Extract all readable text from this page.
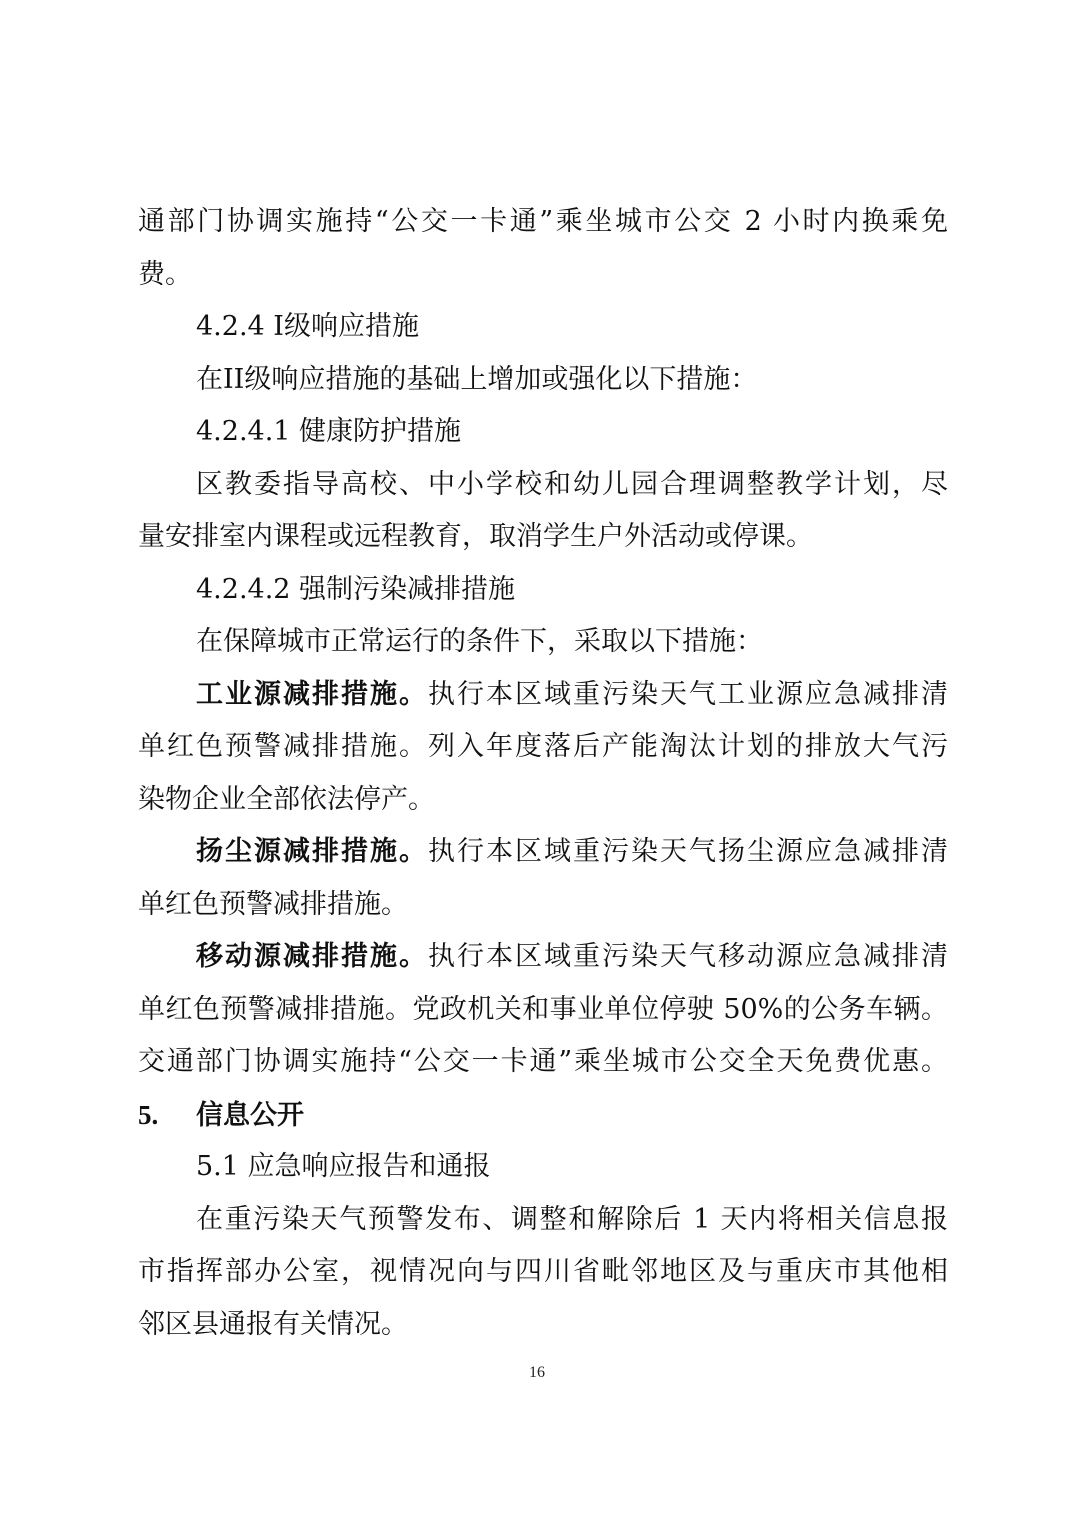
通部门协调实施持“公交一卡通”乘坐城市公交 2 小时内换乘免
费。
4.2.4 I级响应措施
在II级响应措施的基础上增加或强化以下措施：
4.2.4.1 健康防护措施
区教委指导高校、中小学校和幼儿园合理调整教学计划，尽
量安排室内课程或远程教育，取消学生户外活动或停课。
4.2.4.2 强制污染减排措施
在保障城市正常运行的条件下，采取以下措施：
工业源减排措施。执行本区域重污染天气工业源应急减排清
单红色预警减排措施。列入年度落后产能淘汰计划的排放大气污
染物企业全部依法停产。
扬尘源减排措施。执行本区域重污染天气扬尘源应急减排清
单红色预警减排措施。
移动源减排措施。执行本区域重污染天气移动源应急减排清
单红色预警减排措施。党政机关和事业单位停驶 50%的公务车辆。
交通部门协调实施持“公交一卡通”乘坐城市公交全天免费优惠。
5. 信息公开
5.1 应急响应报告和通报
在重污染天气预警发布、调整和解除后 1 天内将相关信息报
市指挥部办公室，视情况向与四川省毗邻地区及与重庆市其他相
邻区县通报有关情况。
16
